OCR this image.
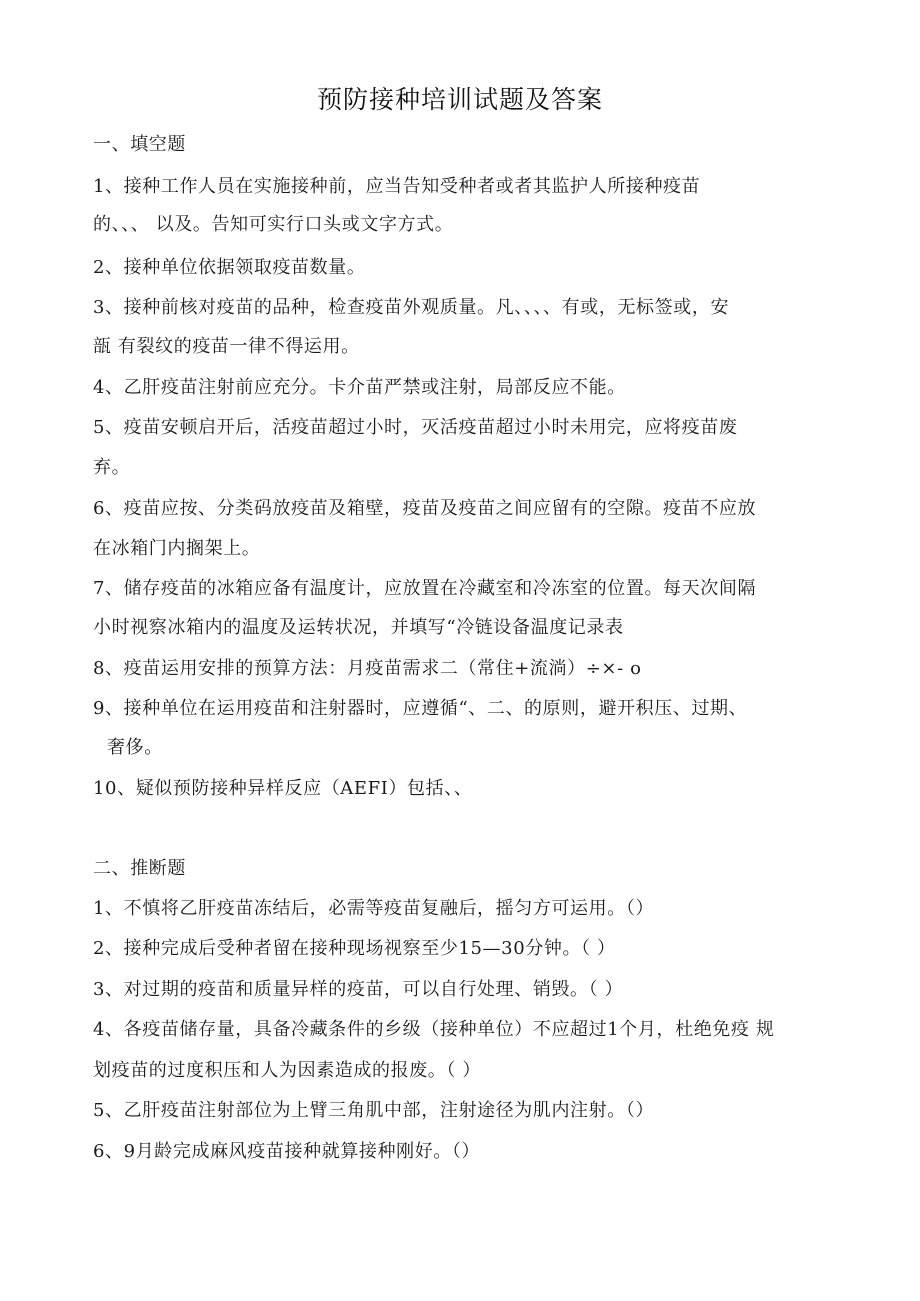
预防接种培训试题及答案
一、填空题
1、接种工作人员在实施接种前，应当告知受种者或者其监护人所接种疫苗
的、、、 以及。告知可实行口头或文字方式。
2、接种单位依据领取疫苗数量。
3、接种前核对疫苗的品种，检查疫苗外观质量。凡、、、、有或，无标签或，安
瓿 有裂纹的疫苗一律不得运用。
4、乙肝疫苗注射前应充分。卡介苗严禁或注射，局部反应不能。
5、疫苗安顿启开后，活疫苗超过小时，灭活疫苗超过小时未用完，应将疫苗废
弃。
6、疫苗应按、分类码放疫苗及箱壁，疫苗及疫苗之间应留有的空隙。疫苗不应放
在冰箱门内搁架上。
7、储存疫苗的冰箱应备有温度计，应放置在冷藏室和冷冻室的位置。每天次间隔
小时视察冰箱内的温度及运转状况，并填写“冷链设备温度记录表
8、疫苗运用安排的预算方法：月疫苗需求二（常住+流淌）÷×- o
9、接种单位在运用疫苗和注射器时，应遵循“、二、的原则，避开积压、过期、
奢侈。
10、疑似预防接种异样反应（AEFI）包括、、
二、推断题
1、不慎将乙肝疫苗冻结后，必需等疫苗复融后，摇匀方可运用。（）
2、接种完成后受种者留在接种现场视察至少15—30分钟。（ ）
3、对过期的疫苗和质量异样的疫苗，可以自行处理、销毁。（ ）
4、各疫苗储存量，具备冷藏条件的乡级（接种单位）不应超过1个月，杜绝免疫 规
划疫苗的过度积压和人为因素造成的报废。（ ）
5、乙肝疫苗注射部位为上臂三角肌中部，注射途径为肌内注射。（）
6、9月龄完成麻风疫苗接种就算接种刚好。（）
